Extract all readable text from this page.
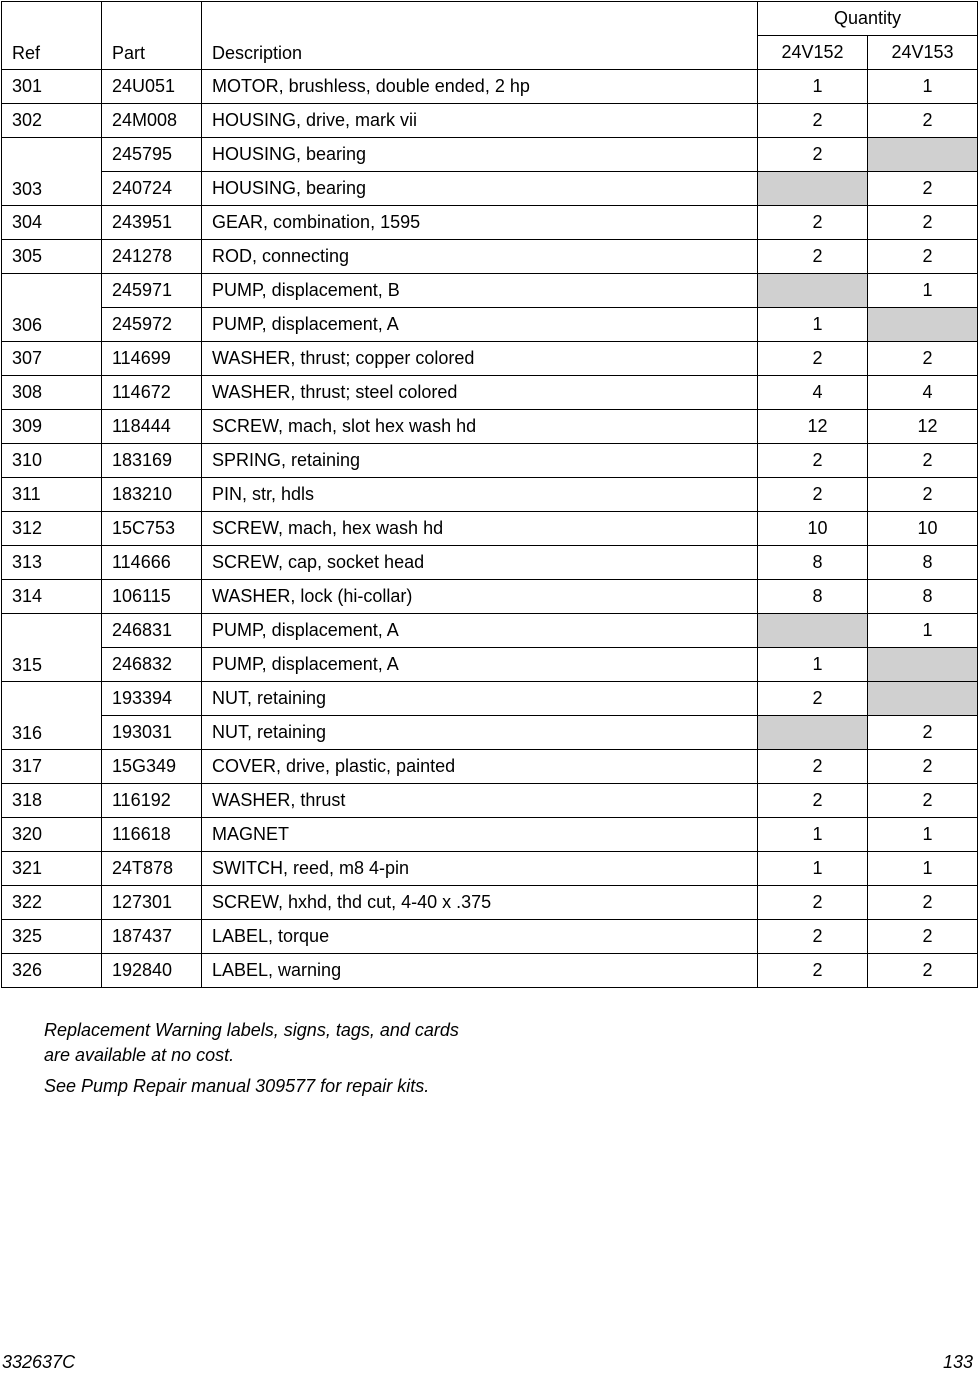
Ref	Part	Description	Quantity	
			24V152	24V153
301	24U051	MOTOR, brushless, double ended, 2 hp	1	1
302	24M008	HOUSING, drive, mark vii	2	2
303	245795	HOUSING, bearing	2	
	240724	HOUSING, bearing		2
304	243951	GEAR, combination, 1595	2	2
305	241278	ROD, connecting	2	2
306	245971	PUMP, displacement, B		1
	245972	PUMP, displacement, A	1	
307	114699	WASHER, thrust; copper colored	2	2
308	114672	WASHER, thrust; steel colored	4	4
309	118444	SCREW, mach, slot hex wash hd	12	12
310	183169	SPRING, retaining	2	2
311	183210	PIN, str, hdls	2	2
312	15C753	SCREW, mach, hex wash hd	10	10
313	114666	SCREW, cap, socket head	8	8
314	106115	WASHER, lock (hi-collar)	8	8
315	246831	PUMP, displacement, A		1
	246832	PUMP, displacement, A	1	
316	193394	NUT, retaining	2	
	193031	NUT, retaining		2
317	15G349	COVER, drive, plastic, painted	2	2
318	116192	WASHER, thrust	2	2
320	116618	MAGNET	1	1
321	24T878	SWITCH, reed, m8 4-pin	1	1
322	127301	SCREW, hxhd, thd cut, 4-40 x .375	2	2
325	187437	LABEL, torque	2	2
326	192840	LABEL, warning	2	2

Replacement Warning labels, signs, tags, and cards are available at no cost.

See Pump Repair manual 309577 for repair kits.

332637C	133
